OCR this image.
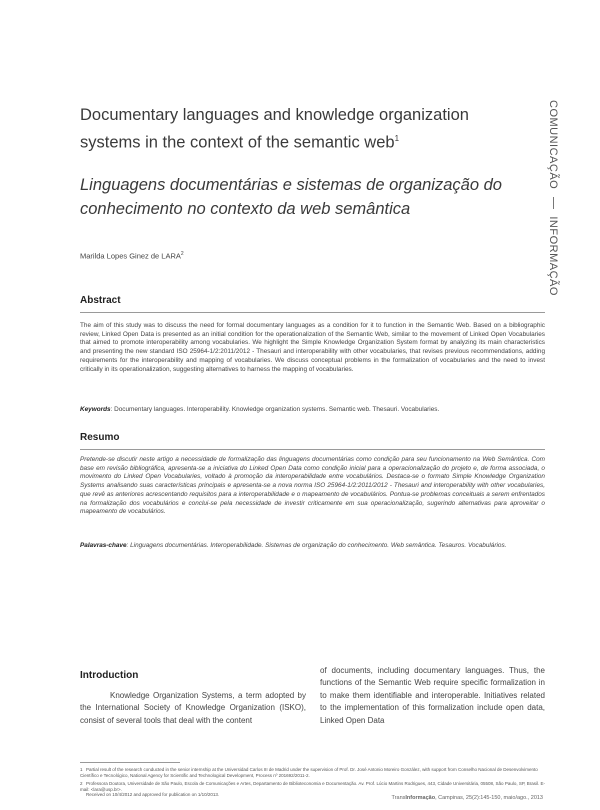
Documentary languages and knowledge organization systems in the context of the semantic web$^1$
Linguagens documentárias e sistemas de organização do conhecimento no contexto da web semântica
COMUNICAÇÃO  INFORMAÇÃO
Marilda Lopes Ginez de LARA$^2$
Abstract

The aim of this study was to discuss the need for formal documentary languages as a condition for it to function in the Semantic Web. Based on a bibliographic review, Linked Open Data is presented as an initial condition for the operationalization of the Semantic Web, similar to the movement of Linked Open Vocabularies that aimed to promote interoperability among vocabularies. We highlight the Simple Knowledge Organization System format by analyzing its main characteristics and presenting the new standard ISO 25964-1/2:2011/2012 - Thesauri and interoperability with other vocabularies, that revises previous recommendations, adding requirements for the interoperability and mapping of vocabularies. We discuss conceptual problems in the formalization of vocabularies and the need to invest critically in its operationalization, suggesting alternatives to harness the mapping of vocabularies.

Keywords: Documentary languages. Interoperability. Knowledge organization systems. Semantic web. Thesauri. Vocabularies.

Resumo

Pretende-se discutir neste artigo a necessidade de formalização das linguagens documentárias como condição para seu funcionamento na Web Semântica. Com base em revisão bibliográfica, apresenta-se a iniciativa do Linked Open Data como condição inicial para a operacionalização do projeto e, de forma associada, o movimento do Linked Open Vocabularies, voltado à promoção da interoperabilidade entre vocabulários. Destaca-se o formato Simple Knowledge Organization Systems analisando suas características principais e apresenta-se a nova norma ISO 25964-1/2:2011/2012 - Thesauri and interoperability with other vocabularies, que revê as anteriores acrescentando requisitos para a interoperabilidade e o mapeamento de vocabulários. Pontua-se problemas conceituais a serem enfrentados na formalização dos vocabulários e conclui-se pela necessidade de investir criticamente em sua operacionalização, sugerindo alternativas para aproveitar o mapeamento de vocabulários.

Palavras-chave: Linguagens documentárias. Interoperabilidade. Sistemas de organização do conhecimento. Web semântica. Tesauros. Vocabulários.

Introduction

Knowledge Organization Systems, a term adopted by the International Society of Knowledge Organization (ISKO), consist of several tools that deal with the content

of documents, including documentary languages. Thus, the functions of the Semantic Web require specific formalization in to make them identifiable and interoperable. Initiatives related to the implementation of this formalization include open data, Linked Open Data

1 Partial result of the research conducted in the senior internship at the Universidad Carlos III de Madrid under the supervision of Prof. Dr. José Antonio Moreiro González, with support from Conselho Nacional de Desenvolvimento Científico e Tecnológico, National Agency for Scientific and Technological Development, Process nº 201692/2011-2.

2 Professora Doutora, Universidade de São Paulo, Escola de Comunicações e Artes, Departamento de Biblioteconomia e Documentação. Av. Prof. Lúcio Martins Rodrigues, 443, Cidade Universitária, 05508, São Paulo, SP, Brasil. E-mail: <lara@usp.br>.

Received on 10/4/2012 and approved for publication on 1/10/2013.

TransInformação, Campinas, 25(2):145-150, maio/ago., 2013
